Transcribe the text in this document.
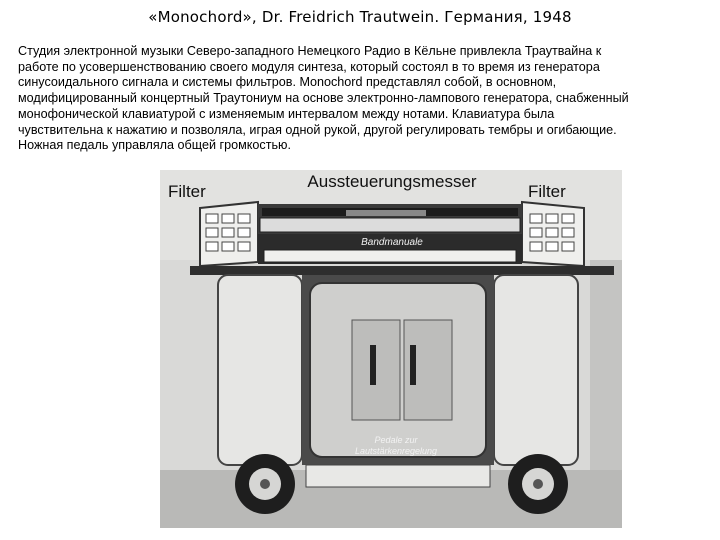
«Monochord», Dr. Freidrich Trautwein. Германия, 1948
Студия электронной музыки Северо-западного Немецкого Радио в Кёльне привлекла Траутвайна к
работе по усовершенствованию своего модуля синтеза, который состоял в то время из генератора
синусоидального сигнала и системы фильтров. Monochord представлял собой, в основном,
модифицированный концертный Траутониум на основе электронно-лампового генератора, снабженный
монофонической клавиатурой с изменяемым интервалом между нотами. Клавиатура была
чувствительна к нажатию и позволяла, играя одной рукой, другой регулировать тембры и огибающие.
Ножная педаль управляла общей громкостью.
Aussteuerungsmesser
Filter	Filter
Bandmanuale
Pedale zur
Lautstärkenregelung
